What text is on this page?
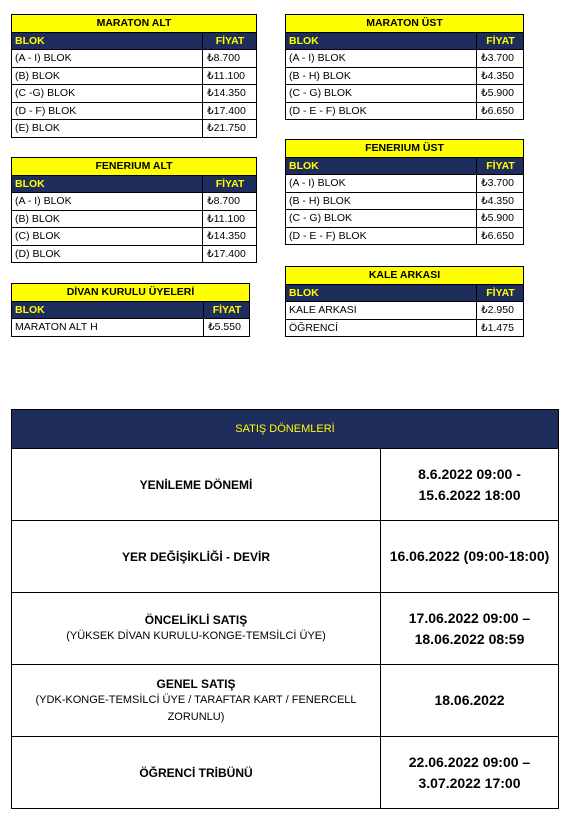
MARATON ALT	
BLOK	FİYAT
(A - I) BLOK	₺8.700
(B) BLOK	₺11.100
(C -G) BLOK	₺14.350
(D - F) BLOK	₺17.400
(E) BLOK	₺21.750
MARATON ÜST	
BLOK	FİYAT
(A - I) BLOK	₺3.700
(B - H) BLOK	₺4.350
(C - G) BLOK	₺5.900
(D - E - F) BLOK	₺6.650
FENERIUM ALT	
BLOK	FİYAT
(A - I) BLOK	₺8.700
(B) BLOK	₺11.100
(C) BLOK	₺14.350
(D) BLOK	₺17.400
FENERIUM ÜST	
BLOK	FİYAT
(A - I) BLOK	₺3.700
(B - H) BLOK	₺4.350
(C - G) BLOK	₺5.900
(D - E - F) BLOK	₺6.650
DİVAN KURULU ÜYELERİ	
BLOK	FİYAT
MARATON ALT H	₺5.550
KALE ARKASI	
BLOK	FİYAT
KALE ARKASI	₺2.950
ÖĞRENCİ	₺1.475
SATIŞ DÖNEMLERİ	

YENİLEME DÖNEMİ	8.6.2022 09:00 - 15.6.2022 18:00

YER DEĞİŞİKLİĞİ - DEVİR	16.06.2022 (09:00-18:00)

ÖNCELİKLİ SATIŞ
(YÜKSEK DİVAN KURULU-KONGE-TEMSİLCİ ÜYE)	17.06.2022 09:00 – 18.06.2022 08:59

GENEL SATIŞ
(YDK-KONGE-TEMSİLCİ ÜYE / TARAFTAR KART / FENERCELL ZORUNLU)	18.06.2022

ÖĞRENCİ TRİBÜNÜ	22.06.2022 09:00 – 3.07.2022 17:00
